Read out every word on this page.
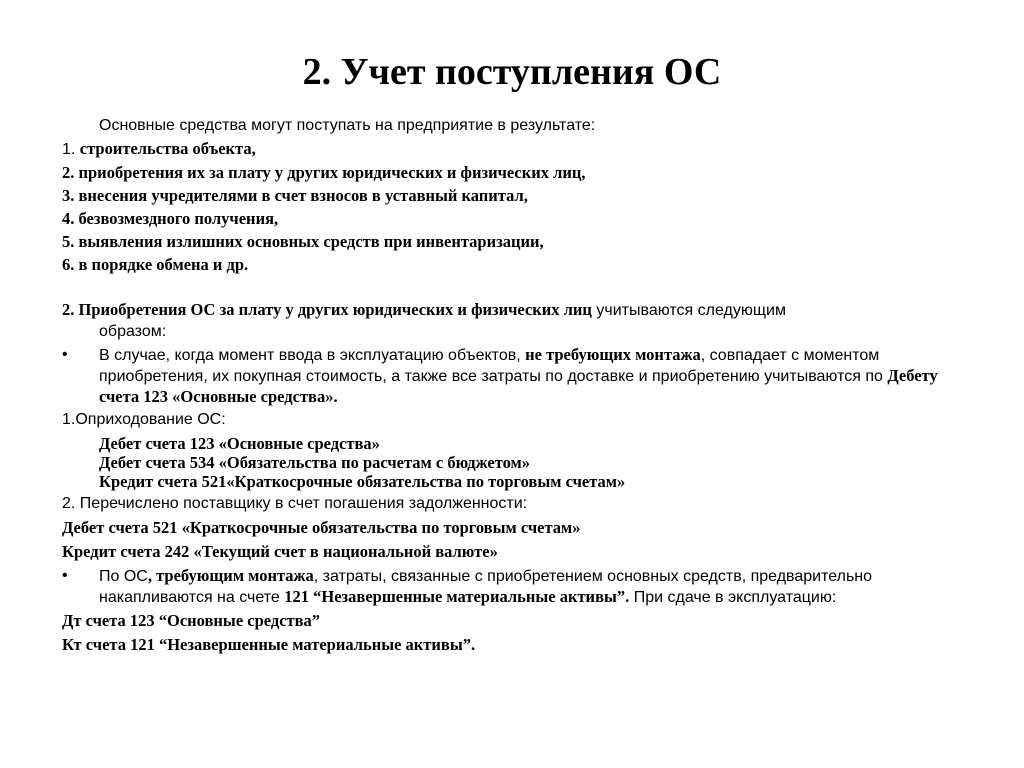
2. Учет поступления ОС

Основные средства могут поступать на предприятие в результате:

1. строительства объекта,

2. приобретения их за плату у других юридических и физических лиц,

3. внесения учредителями в счет взносов в уставный капитал,

4. безвозмездного получения,

5. выявления излишних основных средств при инвентаризации,

6. в порядке обмена и др.

2. Приобретения ОС за плату у других юридических и физических лиц учитываются следующим
образом:

• В случае, когда момент ввода в эксплуатацию объектов, не требующих монтажа, совпадает с моментом приобретения, их покупная стоимость, а также все затраты по доставке и приобретению учитываются по Дебету счета 123 «Основные средства».

1.Оприходование ОС:

Дебет счета 123 «Основные средства»
Дебет счета 534 «Обязательства по расчетам с бюджетом»
Кредит счета 521«Краткосрочные обязательства по торговым счетам»

2. Перечислено поставщику в счет погашения задолженности:

Дебет счета 521 «Краткосрочные обязательства по торговым счетам»

Кредит счета 242 «Текущий счет в национальной валюте»

• По ОС, требующим монтажа, затраты, связанные с приобретением основных средств, предварительно накапливаются на счете 121 “Незавершенные материальные активы”. При сдаче в эксплуатацию:

Дт счета 123 “Основные средства”

Кт счета 121 “Незавершенные материальные активы”.
